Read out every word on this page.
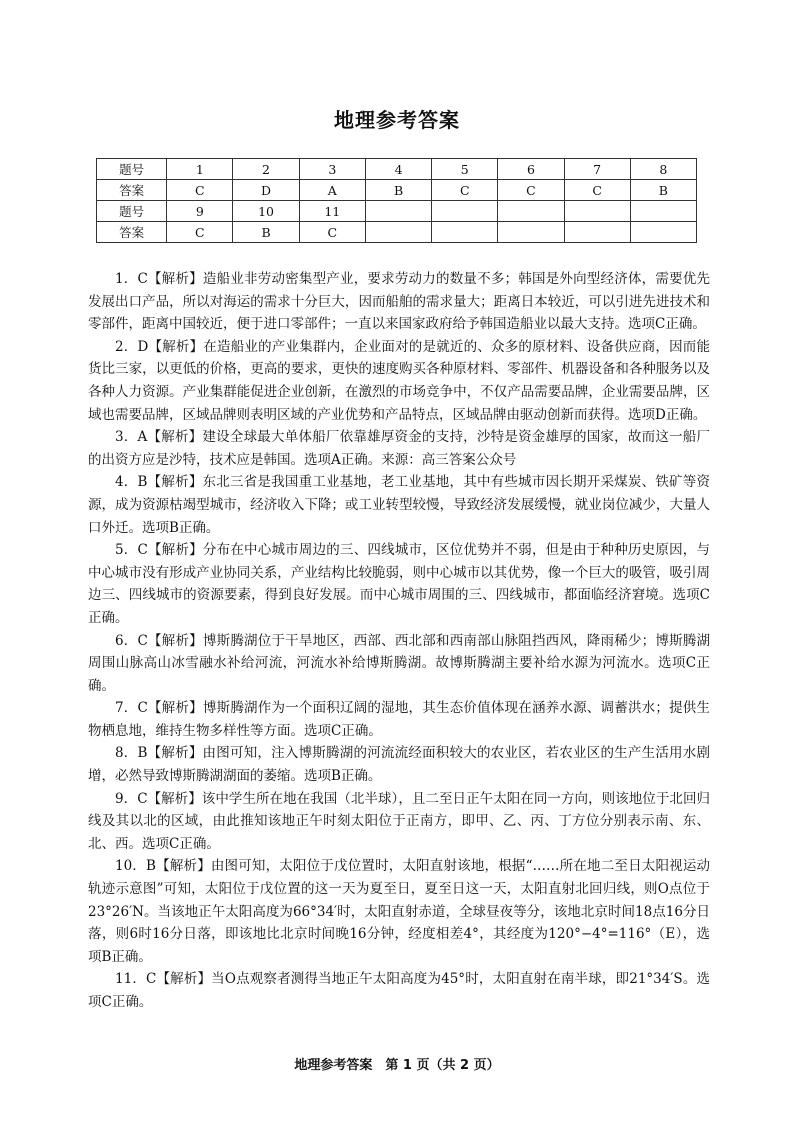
地理参考答案
题号	1	2	3	4	5	6	7	8
答案	C	D	A	B	C	C	C	B
题号	9	10	11					
答案	C	B	C					

1．C【解析】造船业非劳动密集型产业，要求劳动力的数量不多；韩国是外向型经济体，需要优先发展出口产品，所以对海运的需求十分巨大，因而船舶的需求量大；距离日本较近，可以引进先进技术和零部件，距离中国较近，便于进口零部件；一直以来国家政府给予韩国造船业以最大支持。选项C正确。

2．D【解析】在造船业的产业集群内，企业面对的是就近的、众多的原材料、设备供应商，因而能货比三家，以更低的价格，更高的要求，更快的速度购买各种原材料、零部件、机器设备和各种服务以及各种人力资源。产业集群能促进企业创新，在激烈的市场竞争中，不仅产品需要品牌，企业需要品牌，区域也需要品牌，区域品牌则表明区域的产业优势和产品特点，区域品牌由驱动创新而获得。选项D正确。

3．A【解析】建设全球最大单体船厂依靠雄厚资金的支持，沙特是资金雄厚的国家，故而这一船厂的出资方应是沙特，技术应是韩国。选项A正确。来源：高三答案公众号

4．B【解析】东北三省是我国重工业基地，老工业基地，其中有些城市因长期开采煤炭、铁矿等资源，成为资源枯竭型城市，经济收入下降；或工业转型较慢，导致经济发展缓慢，就业岗位减少，大量人口外迁。选项B正确。

5．C【解析】分布在中心城市周边的三、四线城市，区位优势并不弱，但是由于种种历史原因，与中心城市没有形成产业协同关系，产业结构比较脆弱，则中心城市以其优势，像一个巨大的吸管，吸引周边三、四线城市的资源要素，得到良好发展。而中心城市周围的三、四线城市，都面临经济窘境。选项C正确。

6．C【解析】博斯腾湖位于干旱地区，西部、西北部和西南部山脉阻挡西风，降雨稀少；博斯腾湖周围山脉高山冰雪融水补给河流，河流水补给博斯腾湖。故博斯腾湖主要补给水源为河流水。选项C正确。

7．C【解析】博斯腾湖作为一个面积辽阔的湿地，其生态价值体现在涵养水源、调蓄洪水；提供生物栖息地，维持生物多样性等方面。选项C正确。

8．B【解析】由图可知，注入博斯腾湖的河流流经面积较大的农业区，若农业区的生产生活用水剧增，必然导致博斯腾湖湖面的萎缩。选项B正确。

9．C【解析】该中学生所在地在我国（北半球），且二至日正午太阳在同一方向，则该地位于北回归线及其以北的区域，由此推知该地正午时刻太阳位于正南方，即甲、乙、丙、丁方位分别表示南、东、北、西。选项C正确。

10．B【解析】由图可知，太阳位于戊位置时，太阳直射该地，根据“……所在地二至日太阳视运动轨迹示意图”可知，太阳位于戊位置的这一天为夏至日，夏至日这一天，太阳直射北回归线，则O点位于23°26′N。当该地正午太阳高度为66°34′时，太阳直射赤道，全球昼夜等分，该地北京时间18点16分日落，则6时16分日落，即该地比北京时间晚16分钟，经度相差4°，其经度为120°−4°=116°（E），选项B正确。

11．C【解析】当O点观察者测得当地正午太阳高度为45°时，太阳直射在南半球，即21°34′S。选项C正确。

地理参考答案　第 1 页（共 2 页）
